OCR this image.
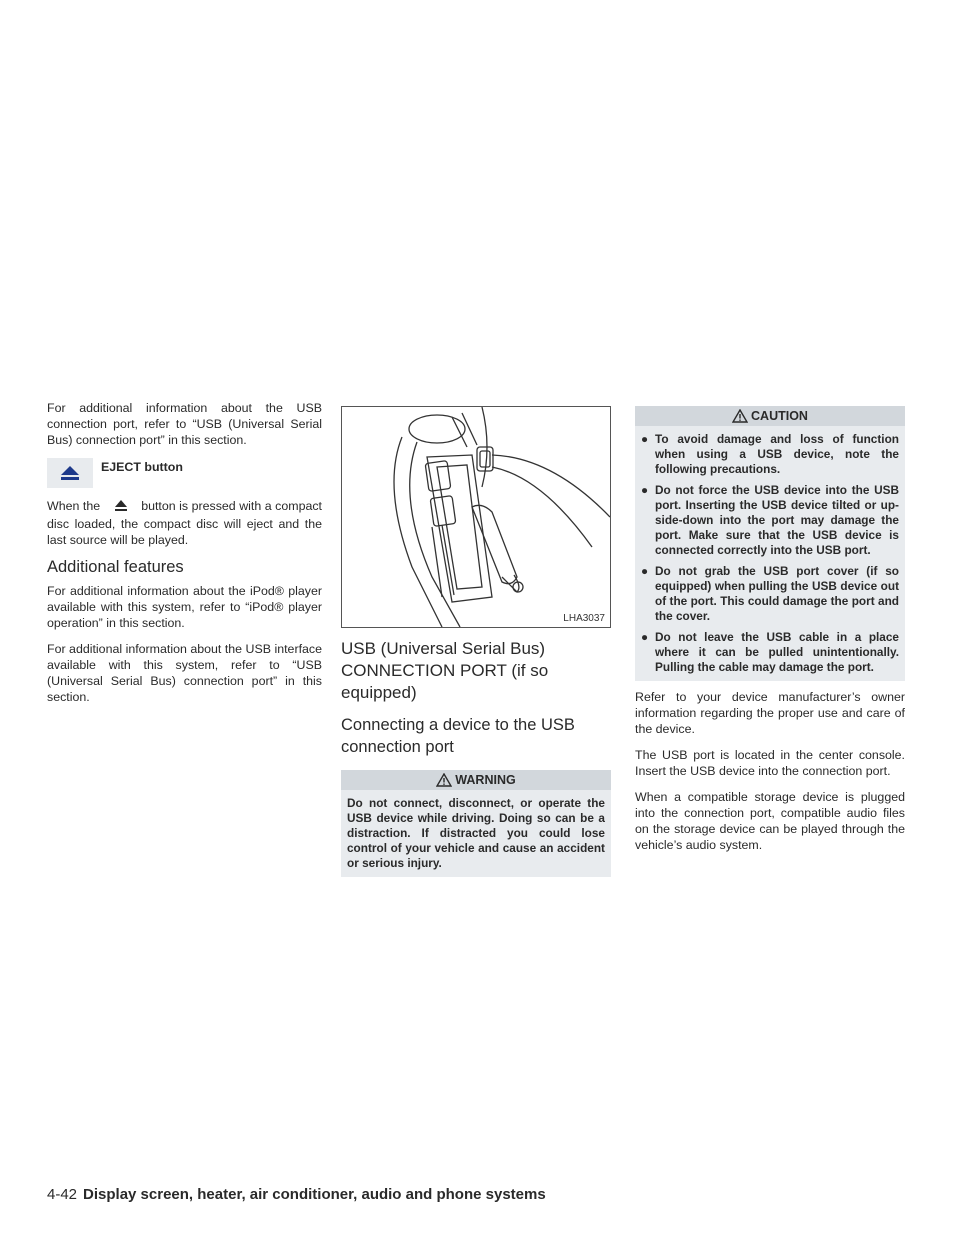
For additional information about the USB connection port, refer to “USB (Universal Serial Bus) connection port” in this section.

EJECT button

When the	button is pressed with a compact disc loaded, the compact disc will eject and the last source will be played.

Additional features

For additional information about the iPod® player available with this system, refer to “iPod® player operation” in this section.

For additional information about the USB interface available with this system, refer to “USB (Universal Serial Bus) connection port” in this section.

LHA3037
USB (Universal Serial Bus)
CONNECTION PORT (if so equipped)
Connecting a device to the USB
connection port
WARNING

Do not connect, disconnect, or operate the USB device while driving. Doing so can be a distraction. If distracted you could lose control of your vehicle and cause an accident or serious injury.

CAUTION
● To avoid damage and loss of function when using a USB device, note the following precautions.
● Do not force the USB device into the USB port. Inserting the USB device tilted or up-side-down into the port may damage the port. Make sure that the USB device is connected correctly into the USB port.
● Do not grab the USB port cover (if so equipped) when pulling the USB device out of the port. This could damage the port and the cover.
● Do not leave the USB cable in a place where it can be pulled unintentionally. Pulling the cable may damage the port.

Refer to your device manufacturer’s owner information regarding the proper use and care of the device.

The USB port is located in the center console. Insert the USB device into the connection port.

When a compatible storage device is plugged into the connection port, compatible audio files on the storage device can be played through the vehicle’s audio system.

4-42 Display screen, heater, air conditioner, audio and phone systems
